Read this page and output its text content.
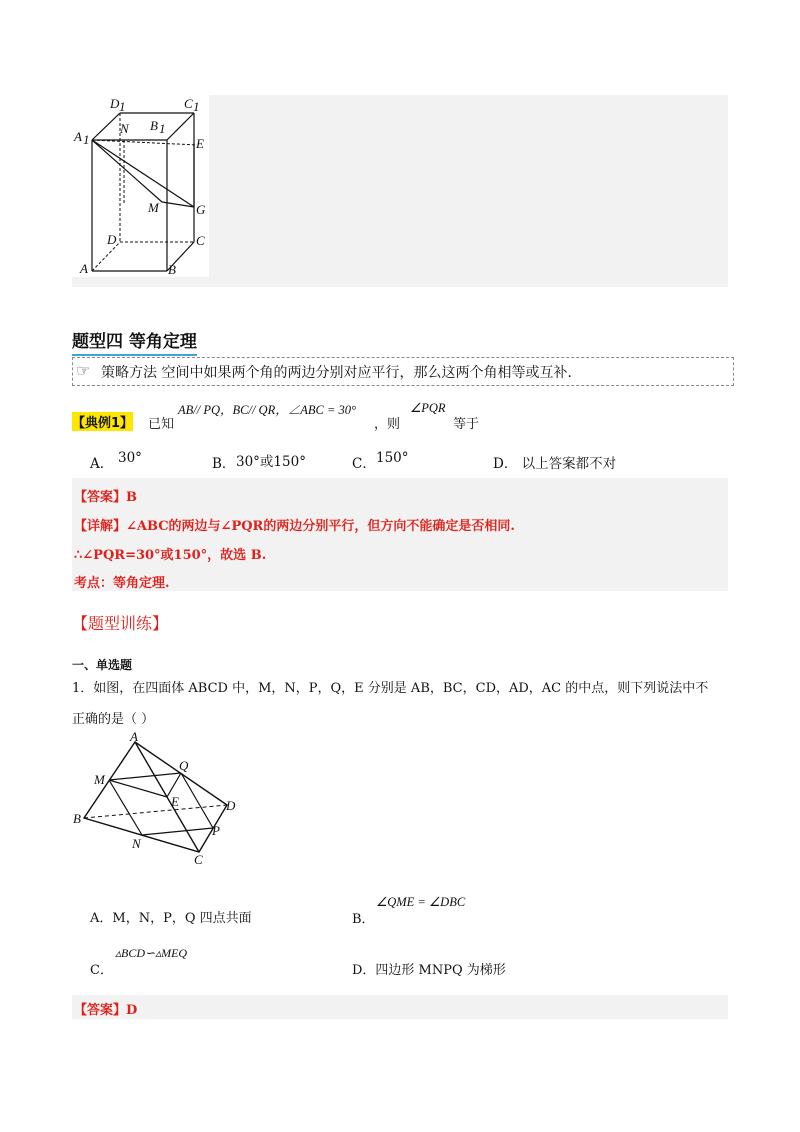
D 1	C 1
A 1
N B 1
E
M	G
D	C
A	B
题型四 等角定理
☞ 策略方法 空间中如果两个角的两边分别对应平行，那么这两个角相等或互补．
【典例1】 已知
AB// PQ，BC// QR，∠ABC = 30°
，则
∠PQR
等于
A． 30°	B． 30°或150°	C． 150°	D． 以上答案都不对
【答案】B
【详解】∠ABC的两边与∠PQR的两边分别平行，但方向不能确定是否相同.
∴∠PQR=30°或150°，故选 B.
考点：等角定理.
【题型训练】
一、单选题
1．如图，在四面体 ABCD 中，M，N，P，Q，E 分别是 AB，BC，CD，AD，AC 的中点，则下列说法中不
正确的是（ ）
A
M
Q
E	D
B
P
N
C
A．M，N，P，Q 四点共面
∠QME = ∠DBC
B．
▵BCD∽▵MEQ
C．	D．四边形 MNPQ 为梯形
【答案】D
